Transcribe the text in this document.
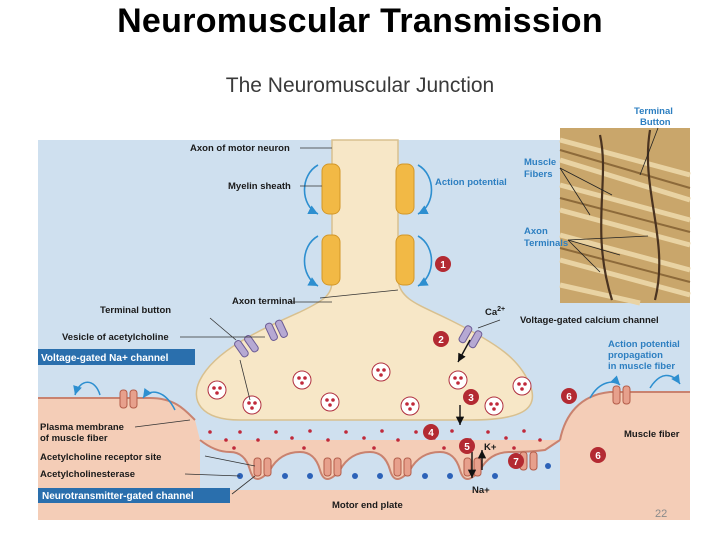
Neuromuscular Transmission
The Neuromuscular Junction
Axon of motor neuron
Myelin sheath	Action potential
Axon terminal
Terminal button
Vesicle of acetylcholine
Voltage-gated Na+ channel
Plasma membrane
of muscle fiber
Acetylcholine receptor site
Acetylcholinesterase
Neurotransmitter-gated channel
Motor end plate
$Ca^{2+}$
Voltage-gated calcium channel
Action potential
propagation
in muscle fiber
Muscle fiber
K+
Na+
1
2
3
4
5
6
6
7
Terminal
Button
Muscle
Fibers
Axon
Terminals
22
